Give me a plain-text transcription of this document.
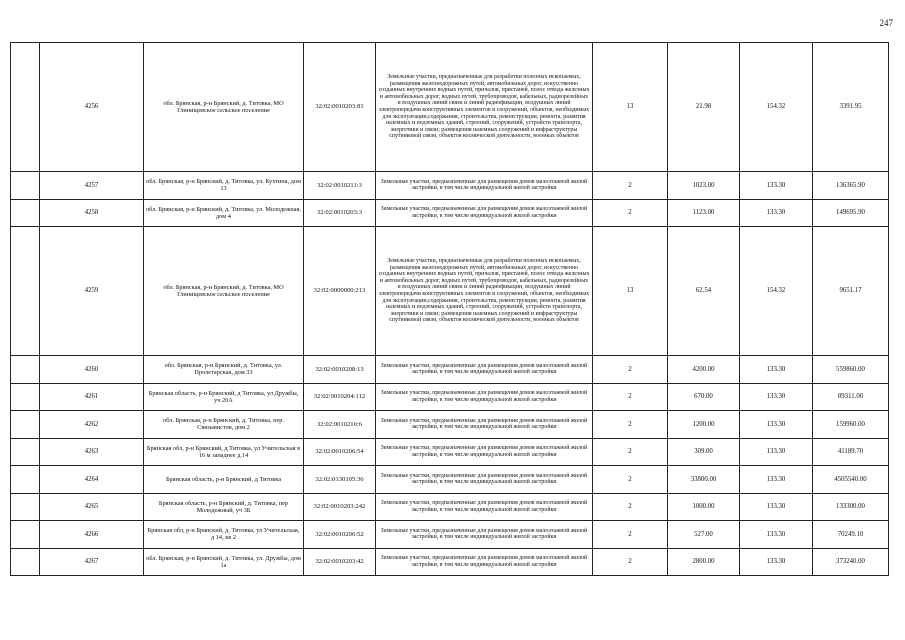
247
	4256	обл. Брянская, р-н Брянский, д. Титовка, МО Глинищевское сельское поселение	32:02:0010203:81	Земельные участки, предназначенные для разработки полезных ископаемых, размещения железнодорожных путей, автомобильных дорог, искусственно созданных внутренних водных путей, причалов, пристаней, полос отвода железных и автомобильных дорог, водных путей, трубопроводов, кабельных, радиорелейных и воздушных линий связи и линий радиофикации, воздушных линий электропередачи конструктивных элементов и сооружений, объектов, необходимых для эксплуатации,содержания, строительства, реконструкции, ремонта, развития наземных и подземных зданий, строений, сооружений, устройств транспорта, энергетики и связи; размещения наземных сооружений и инфраструктуры спутниковой связи, объектов космической деятельности, военных объектов	13	21.98	154.32	3391.95
	4257	обл. Брянская, р-н Брянский, д. Титовка, ул. Кухтина, дом 13	32:02:0010211:3	Земельные участки, предназначенные для размещения домов малоэтажной жилой застройки, в том числе индивидуальной жилой застройки	2	1023.00	133.30	136365.90
	4258	обл. Брянская, р-н Брянский, д. Титовка, ул. Молодежная, дом 4	32:02:0010203:3	Земельные участки, предназначенные для размещения домов малоэтажной жилой застройки, в том числе индивидуальной жилой застройки	2	1123.00	133.30	149695.90
	4259	обл. Брянская, р-н Брянский, д. Титовка, МО Глинищевское сельское поселение	32:02:0000000:213	Земельные участки, предназначенные для разработки полезных ископаемых, размещения железнодорожных путей, автомобильных дорог, искусственно созданных внутренних водных путей, причалов, пристаней, полос отвода железных и автомобильных дорог, водных путей, трубопроводов, кабельных, радиорелейных и воздушных линий связи и линий радиофикации, воздушных линий электропередачи конструктивных элементов и сооружений, объектов, необходимых для эксплуатации,содержания, строительства, реконструкции, ремонта, развития наземных и подземных зданий, строений, сооружений, устройств транспорта, энергетики и связи; размещения наземных сооружений и инфраструктуры спутниковой связи, объектов космической деятельности, военных объектов	13	62.54	154.32	9651.17
	4260	обл. Брянская, р-н Брянский, д. Титовка, ул. Пролетарская, дом 33	32:02:0010208:13	Земельные участки, предназначенные для размещения домов малоэтажной жилой застройки, в том числе индивидуальной жилой застройки	2	4200.00	133.30	559860.00
	4261	Брянская область, р-н Брянский, д Титовка, ул Дружбы, уч 20А	32:02:0010204:112	Земельные участки, предназначенные для размещения домов малоэтажной жилой застройки, в том числе индивидуальной жилой застройки	2	670.00	133.30	89311.00
	4262	обл. Брянская, р-н Брянский, д. Титовка, пер. Связывистов, дом 2	32:02:0010210:6	Земельные участки, предназначенные для размещения домов малоэтажной жилой застройки, в том числе индивидуальной жилой застройки	2	1200.00	133.30	159960.00
	4263	Брянская обл, р-н Брянский, д Титовка, ул Учительская в 16 м западнее д.14	32:02:0010206:54	Земельные участки, предназначенные для размещения домов малоэтажной жилой застройки, в том числе индивидуальной жилой застройки	2	309.00	133.30	41189.70
	4264	Брянская область, р-н Брянский, д Титовка	32:02:0130105:36	Земельные участки, предназначенные для размещения домов малоэтажной жилой застройки, в том числе индивидуальной жилой застройки	2	33800.00	133.30	4505540.00
	4265	Брянская область, р-н Брянский, д. Титовка, пер Молодежный, уч 3Б	32:02:0010203:242	Земельные участки, предназначенные для размещения домов малоэтажной жилой застройки, в том числе индивидуальной жилой застройки	2	1000.00	133.30	133300.00
	4266	Брянская обл, р-н Брянский, д. Титовка, ул Учительская, д 14, кв 2	32:02:0010206:52	Земельные участки, предназначенные для размещения домов малоэтажной жилой застройки, в том числе индивидуальной жилой застройки	2	527.00	133.30	70249.10
	4267	обл. Брянская, р-н Брянский, д. Титовка, ул. Дружбы, дом 1а	32:02:0010203:42	Земельные участки, предназначенные для размещения домов малоэтажной жилой застройки, в том числе индивидуальной жилой застройки	2	2800.00	133.30	373240.00
